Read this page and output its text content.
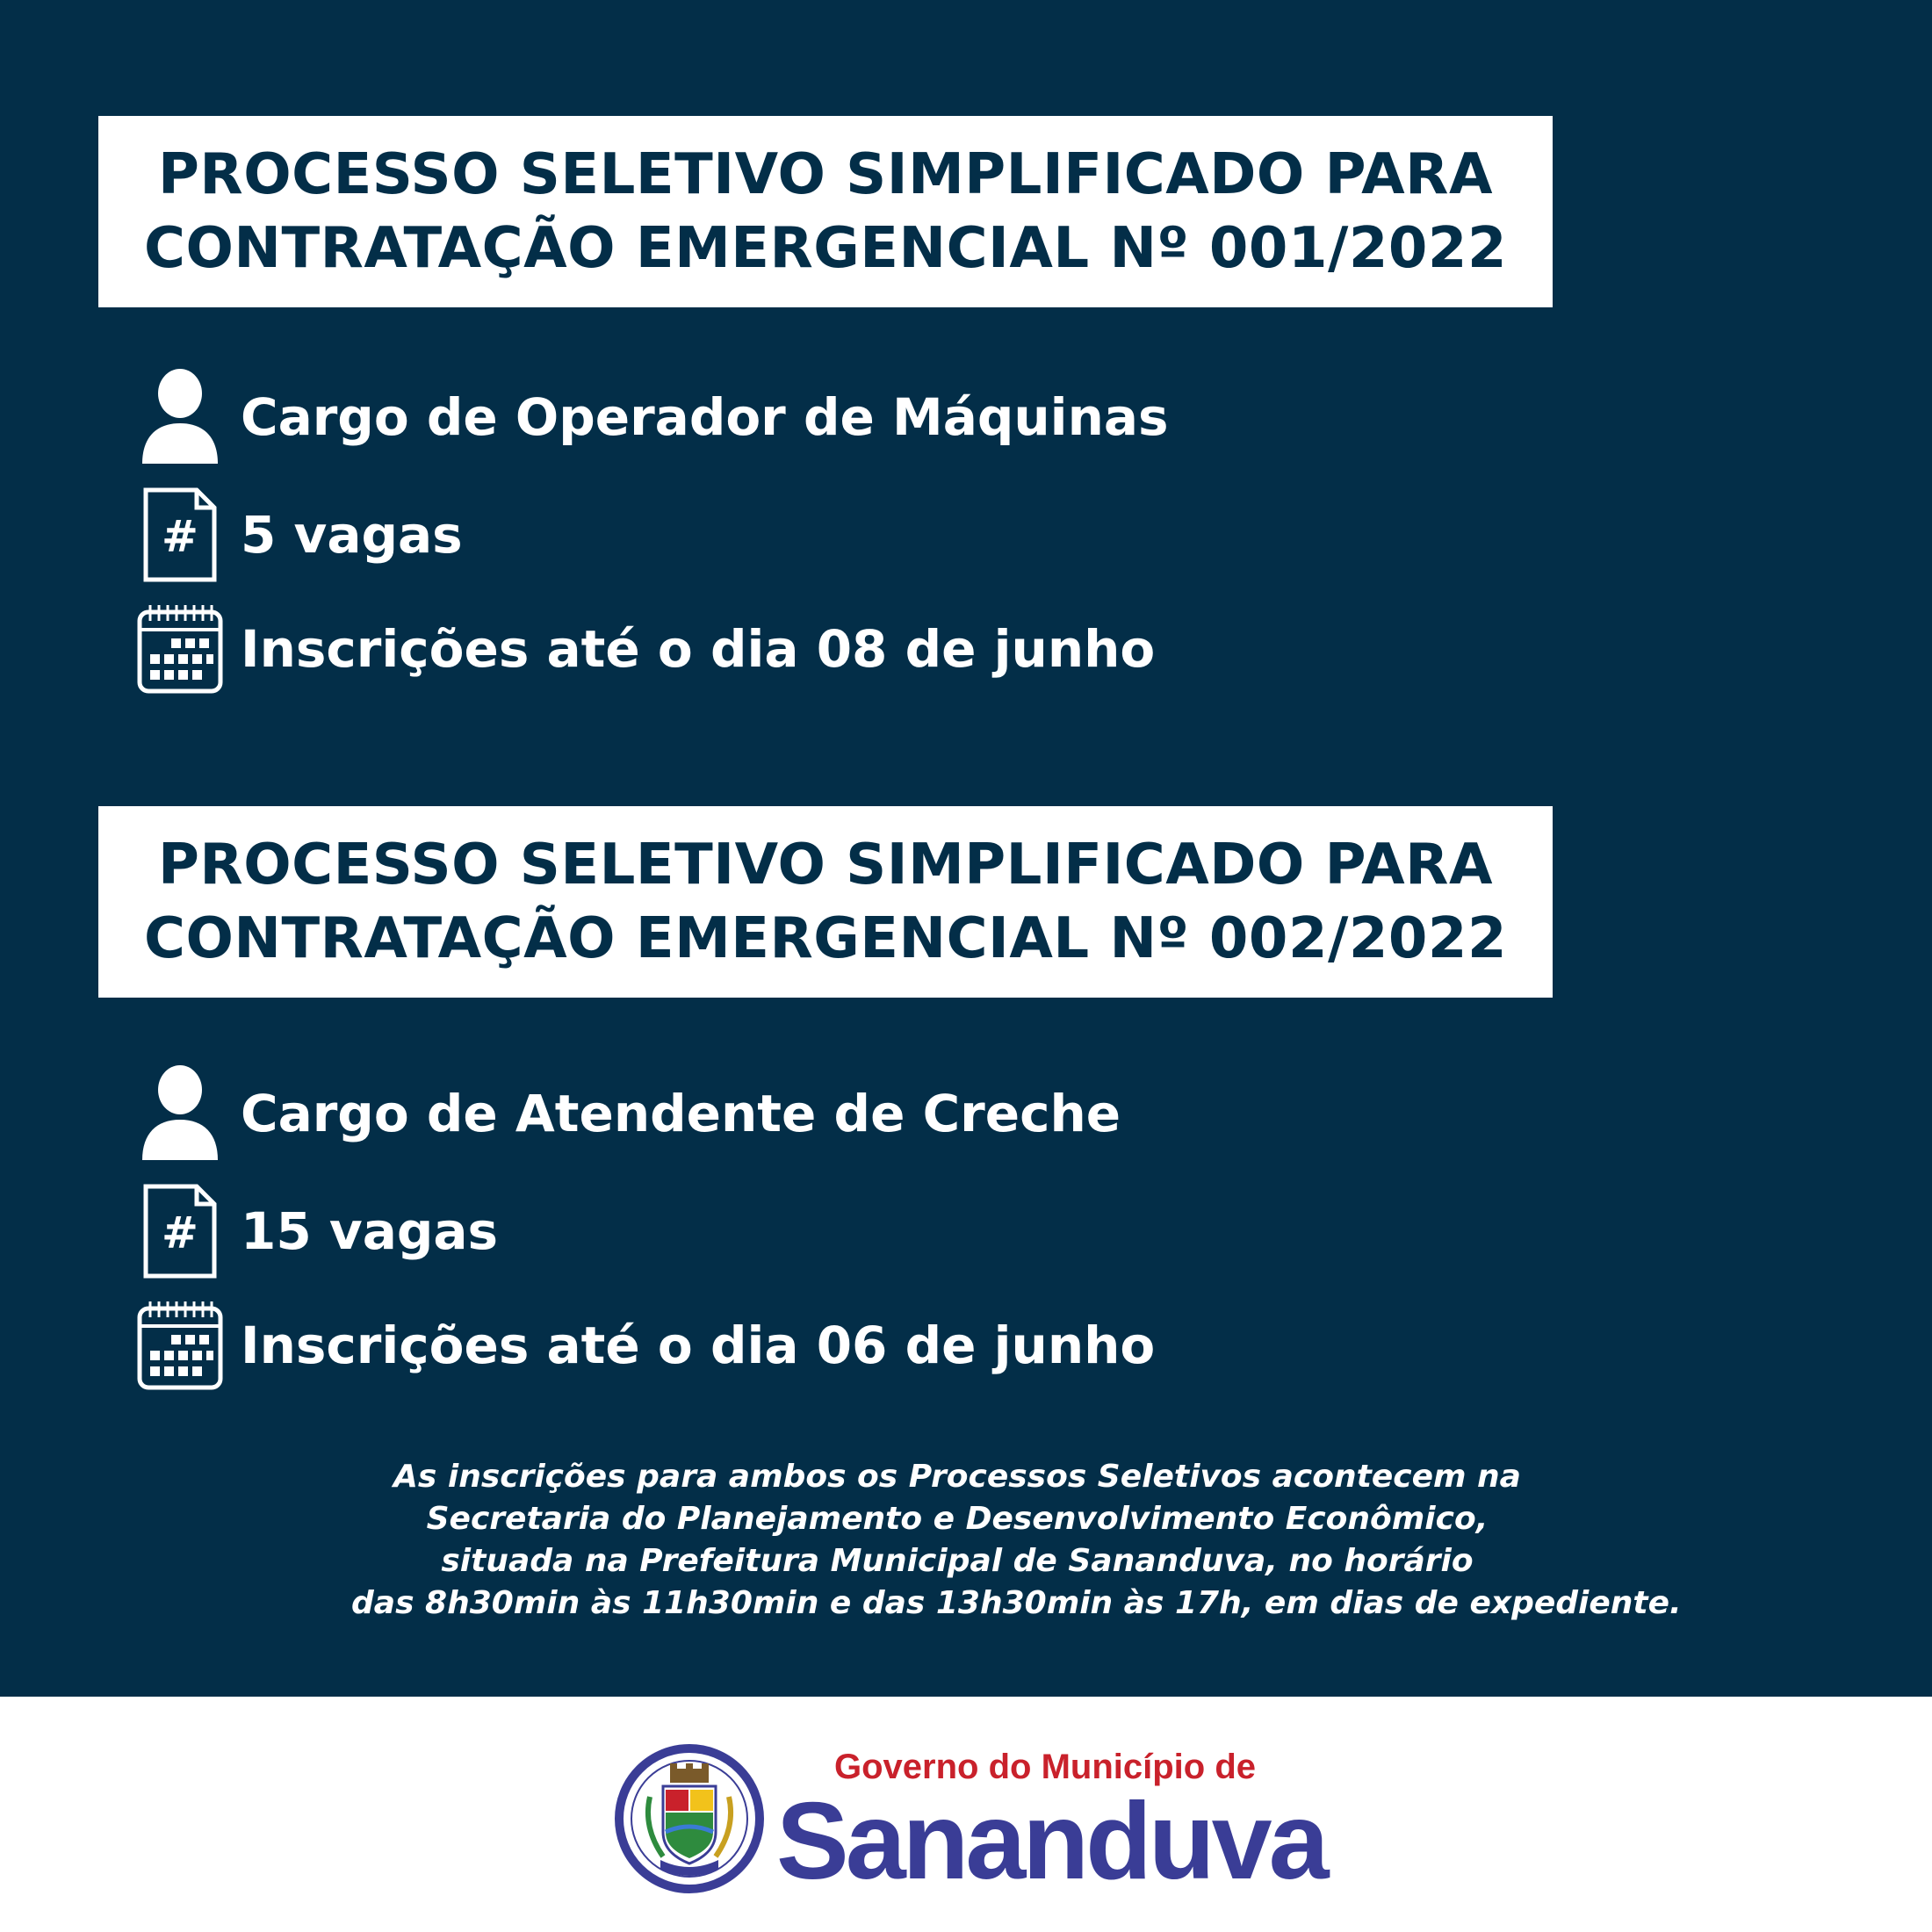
PROCESSO SELETIVO SIMPLIFICADO PARA
CONTRATAÇÃO EMERGENCIAL Nº 001/2022
Cargo de Operador de Máquinas
# 5 vagas
Inscrições até o dia 08 de junho
PROCESSO SELETIVO SIMPLIFICADO PARA
CONTRATAÇÃO EMERGENCIAL Nº 002/2022
Cargo de Atendente de Creche
# 15 vagas
Inscrições até o dia 06 de junho
As inscrições para ambos os Processos Seletivos acontecem na
Secretaria do Planejamento e Desenvolvimento Econômico,
situada na Prefeitura Municipal de Sananduva, no horário
das 8h30min às 11h30min e das 13h30min às 17h, em dias de expediente.
Governo do Município de
Sananduva
